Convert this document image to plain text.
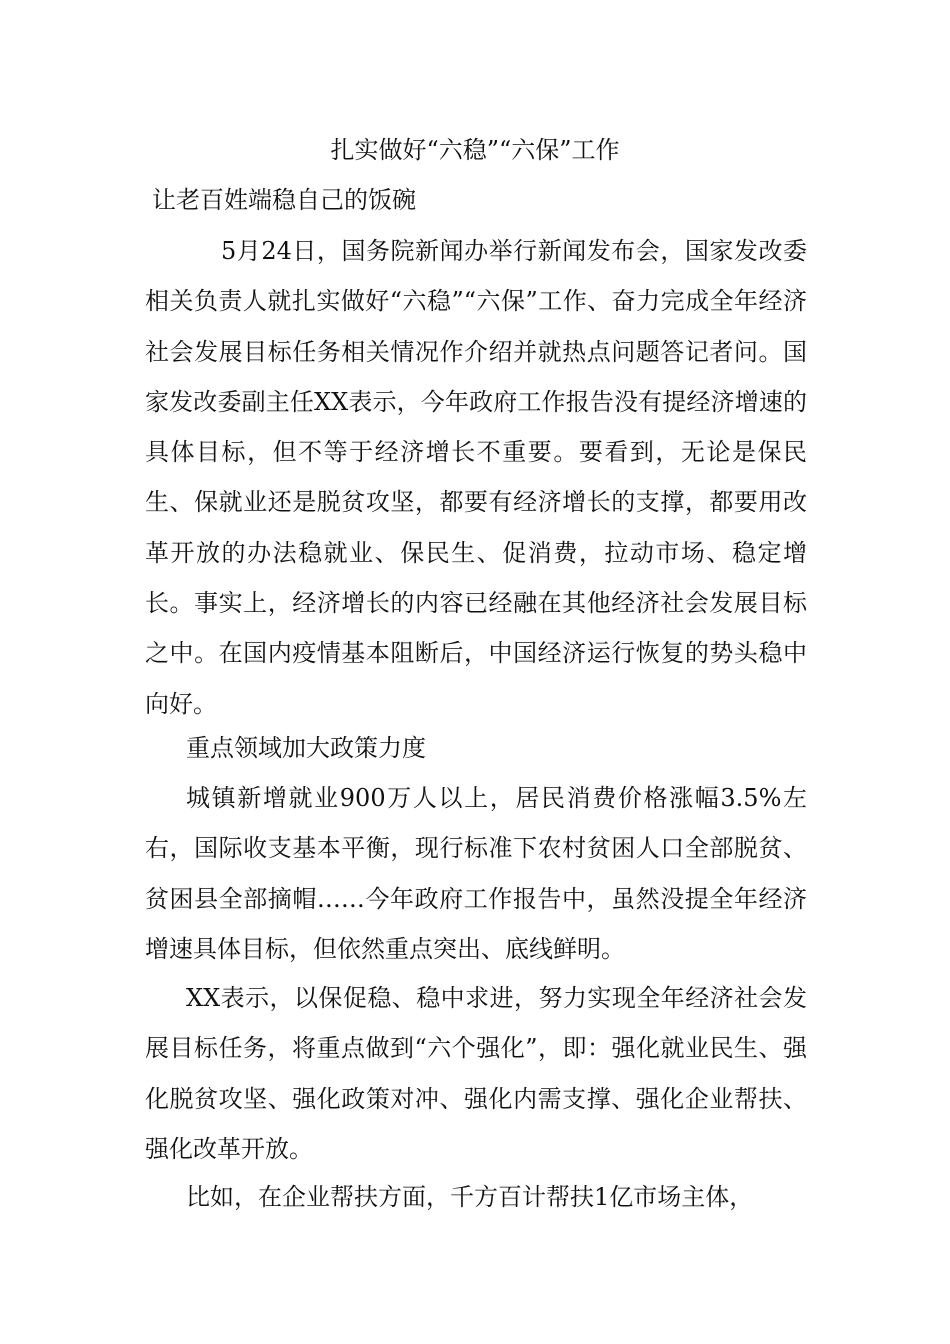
扎实做好“六稳”“六保”工作
让老百姓端稳自己的饭碗

5月24日，国务院新闻办举行新闻发布会，国家发改委相关负责人就扎实做好“六稳”“六保”工作、奋力完成全年经济社会发展目标任务相关情况作介绍并就热点问题答记者问。国家发改委副主任XX表示，今年政府工作报告没有提经济增速的具体目标，但不等于经济增长不重要。要看到，无论是保民生、保就业还是脱贫攻坚，都要有经济增长的支撑，都要用改革开放的办法稳就业、保民生、促消费，拉动市场、稳定增长。事实上，经济增长的内容已经融在其他经济社会发展目标之中。在国内疫情基本阻断后，中国经济运行恢复的势头稳中向好。

重点领域加大政策力度

城镇新增就业900万人以上，居民消费价格涨幅3.5%左右，国际收支基本平衡，现行标准下农村贫困人口全部脱贫、贫困县全部摘帽……今年政府工作报告中，虽然没提全年经济增速具体目标，但依然重点突出、底线鲜明。

XX表示，以保促稳、稳中求进，努力实现全年经济社会发展目标任务，将重点做到“六个强化”，即：强化就业民生、强化脱贫攻坚、强化政策对冲、强化内需支撑、强化企业帮扶、强化改革开放。

比如，在企业帮扶方面，千方百计帮扶1亿市场主体，
